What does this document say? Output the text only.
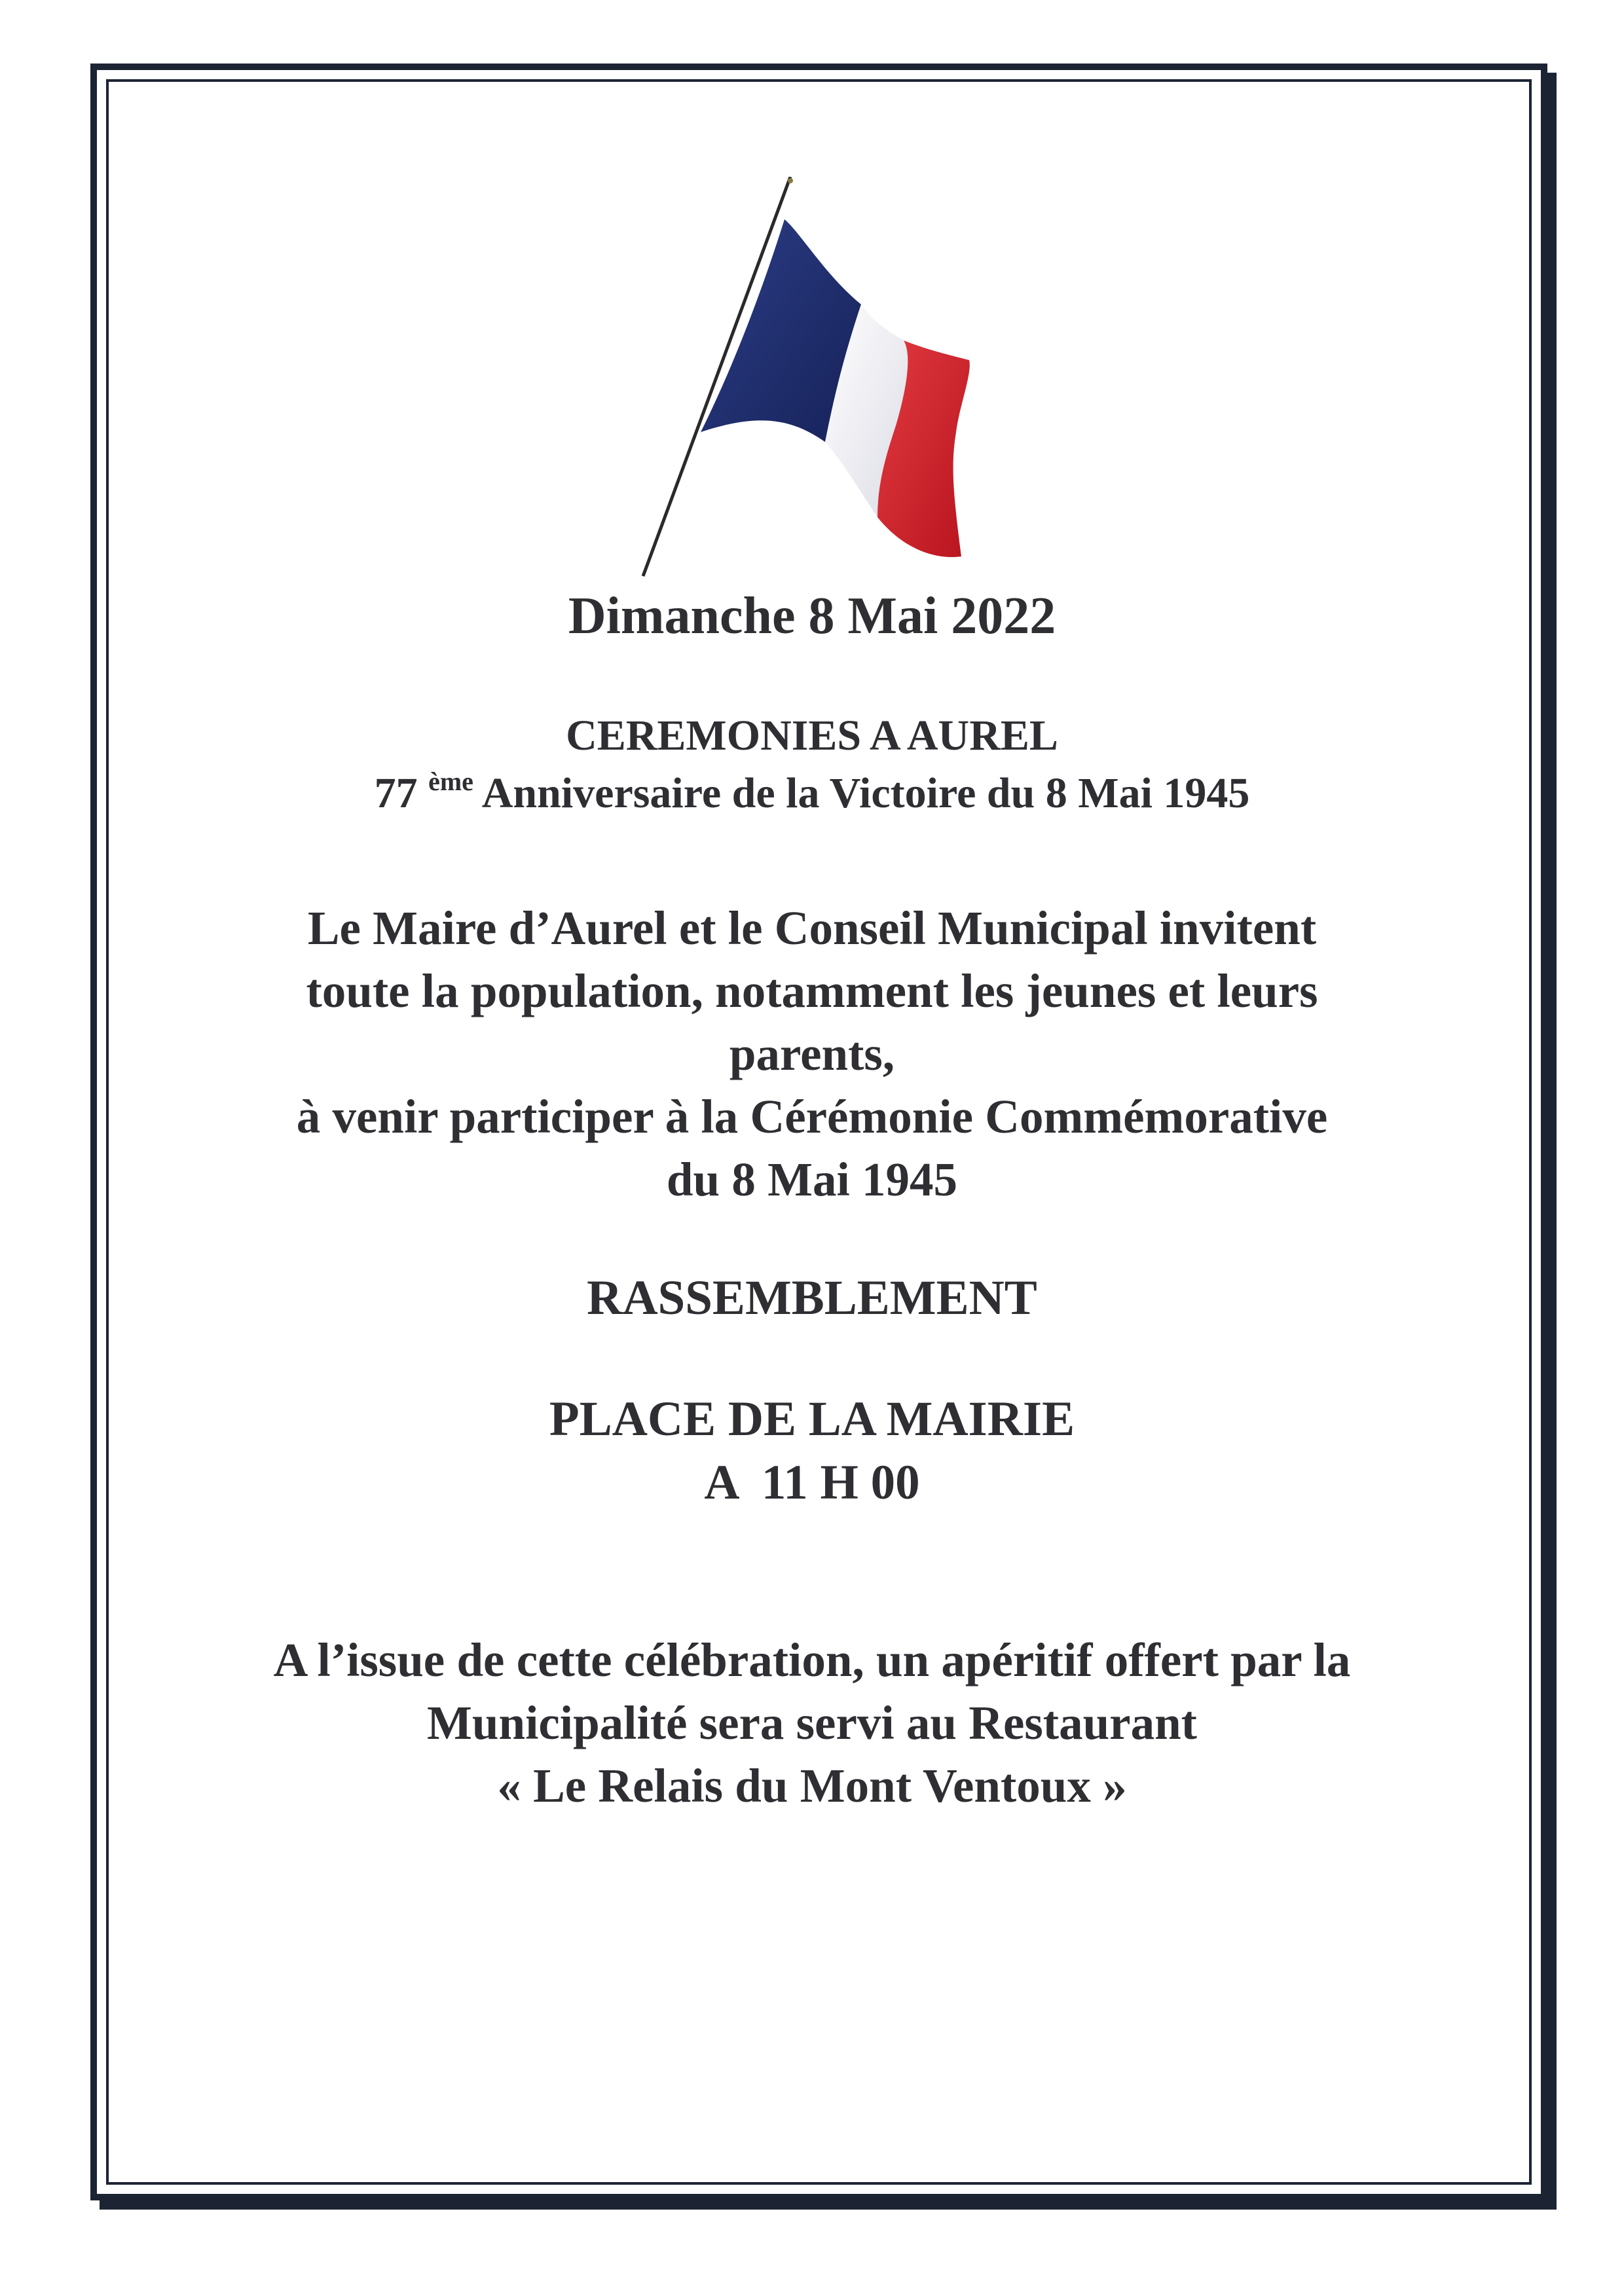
Dimanche 8 Mai 2022

CEREMONIES A AUREL

77 $^{ème}$ Anniversaire de la Victoire du 8 Mai 1945

Le Maire d’Aurel et le Conseil Municipal invitent
toute la population, notamment les jeunes et leurs
parents,
à venir participer à la Cérémonie Commémorative
du 8 Mai 1945

RASSEMBLEMENT

PLACE DE LA MAIRIE

A  11 H 00

A l’issue de cette célébration, un apéritif offert par la
Municipalité sera servi au Restaurant
« Le Relais du Mont Ventoux »
